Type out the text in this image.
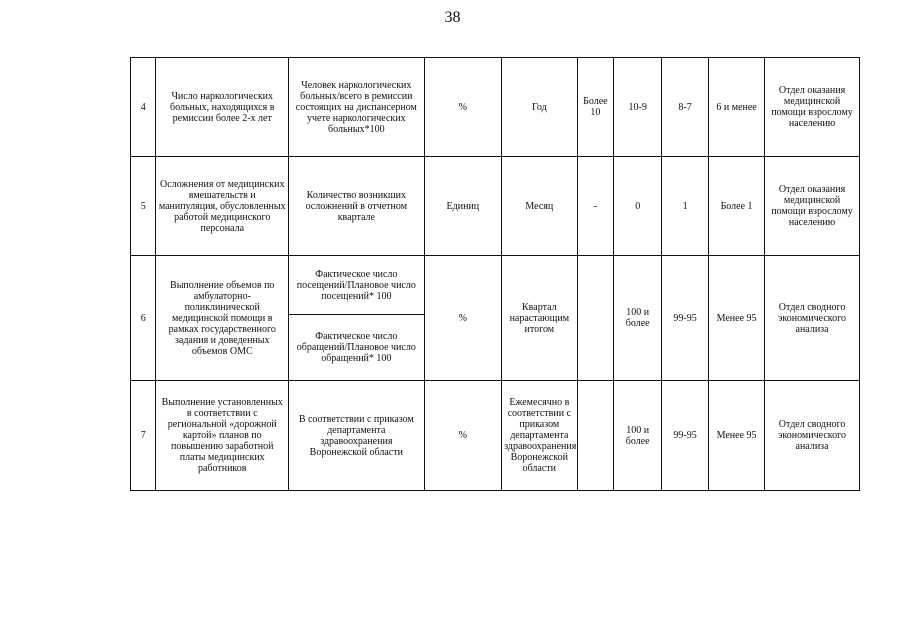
38
4	Число наркологических больных, находящихся в ремиссии более 2-х лет	Человек наркологических больных/всего в ремиссии состоящих на диспансерном учете наркологических больных*100	%	Год	Более 10	10-9	8-7	6 и менее	Отдел оказания медицинской помощи взрослому населению
5	Осложнения от медицинских вмешательств и манипуляция, обусловленных работой медицинского персонала	Количество возникших осложнений в отчетном квартале	Единиц	Месяц	-	0	1	Более 1	Отдел оказания медицинской помощи взрослому населению
6	Выполнение объемов по амбулаторно-поликлинической медицинской помощи в рамках государственного задания и доведенных объемов ОМС	Фактическое число посещений/Плановое число посещений* 100	%	Квартал нарастающим итогом		100 и более	99-95	Менее 95	Отдел сводного экономического анализа
		Фактическое число обращений/Плановое число обращений* 100							
7	Выполнение установленных в соответствии с региональной «дорожной картой» планов по повышению заработной платы медицинских работников	В соответствии с приказом департамента здравоохранения Воронежской области	%	Ежемесячно в соответствии с приказом департамента здравоохранения Воронежской области		100 и более	99-95	Менее 95	Отдел сводного экономического анализа
